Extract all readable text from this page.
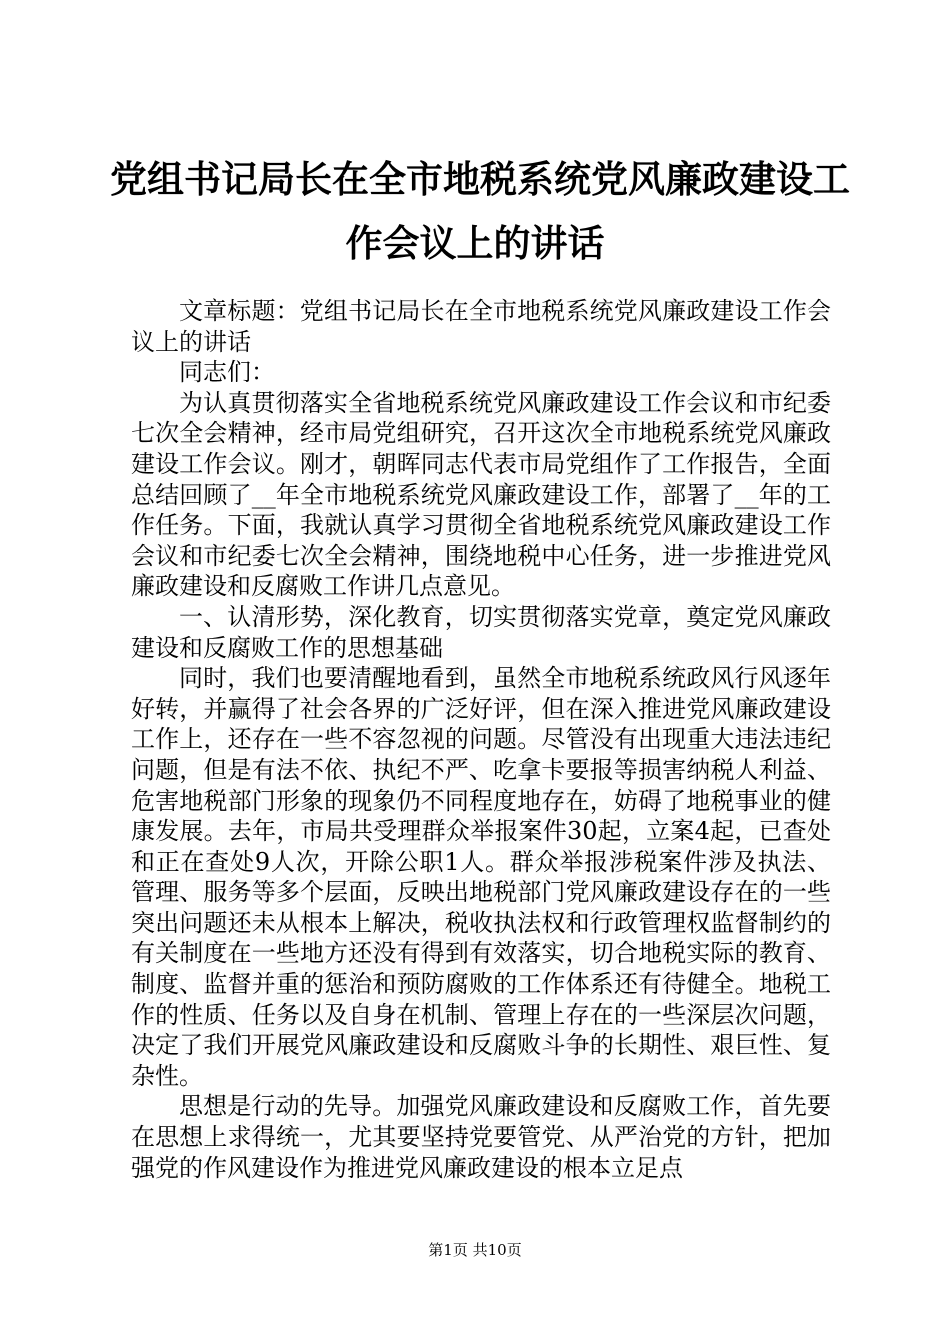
党组书记局长在全市地税系统党风廉政建设工
作会议上的讲话

文章标题：党组书记局长在全市地税系统党风廉政建设工作会议上的讲话

同志们：

为认真贯彻落实全省地税系统党风廉政建设工作会议和市纪委七次全会精神，经市局党组研究，召开这次全市地税系统党风廉政建设工作会议。刚才，朝晖同志代表市局党组作了工作报告，全面总结回顾了__年全市地税系统党风廉政建设工作，部署了__年的工作任务。下面，我就认真学习贯彻全省地税系统党风廉政建设工作会议和市纪委七次全会精神，围绕地税中心任务，进一步推进党风廉政建设和反腐败工作讲几点意见。

一、认清形势，深化教育，切实贯彻落实党章，奠定党风廉政建设和反腐败工作的思想基础

同时，我们也要清醒地看到，虽然全市地税系统政风行风逐年好转，并赢得了社会各界的广泛好评，但在深入推进党风廉政建设工作上，还存在一些不容忽视的问题。尽管没有出现重大违法违纪问题，但是有法不依、执纪不严、吃拿卡要报等损害纳税人利益、危害地税部门形象的现象仍不同程度地存在，妨碍了地税事业的健康发展。去年，市局共受理群众举报案件30起，立案4起，已查处和正在查处9人次，开除公职1人。群众举报涉税案件涉及执法、管理、服务等多个层面，反映出地税部门党风廉政建设存在的一些突出问题还未从根本上解决，税收执法权和行政管理权监督制约的有关制度在一些地方还没有得到有效落实，切合地税实际的教育、制度、监督并重的惩治和预防腐败的工作体系还有待健全。地税工作的性质、任务以及自身在机制、管理上存在的一些深层次问题，决定了我们开展党风廉政建设和反腐败斗争的长期性、艰巨性、复杂性。

思想是行动的先导。加强党风廉政建设和反腐败工作，首先要在思想上求得统一，尤其要坚持党要管党、从严治党的方针，把加强党的作风建设作为推进党风廉政建设的根本立足点

第1页 共10页
